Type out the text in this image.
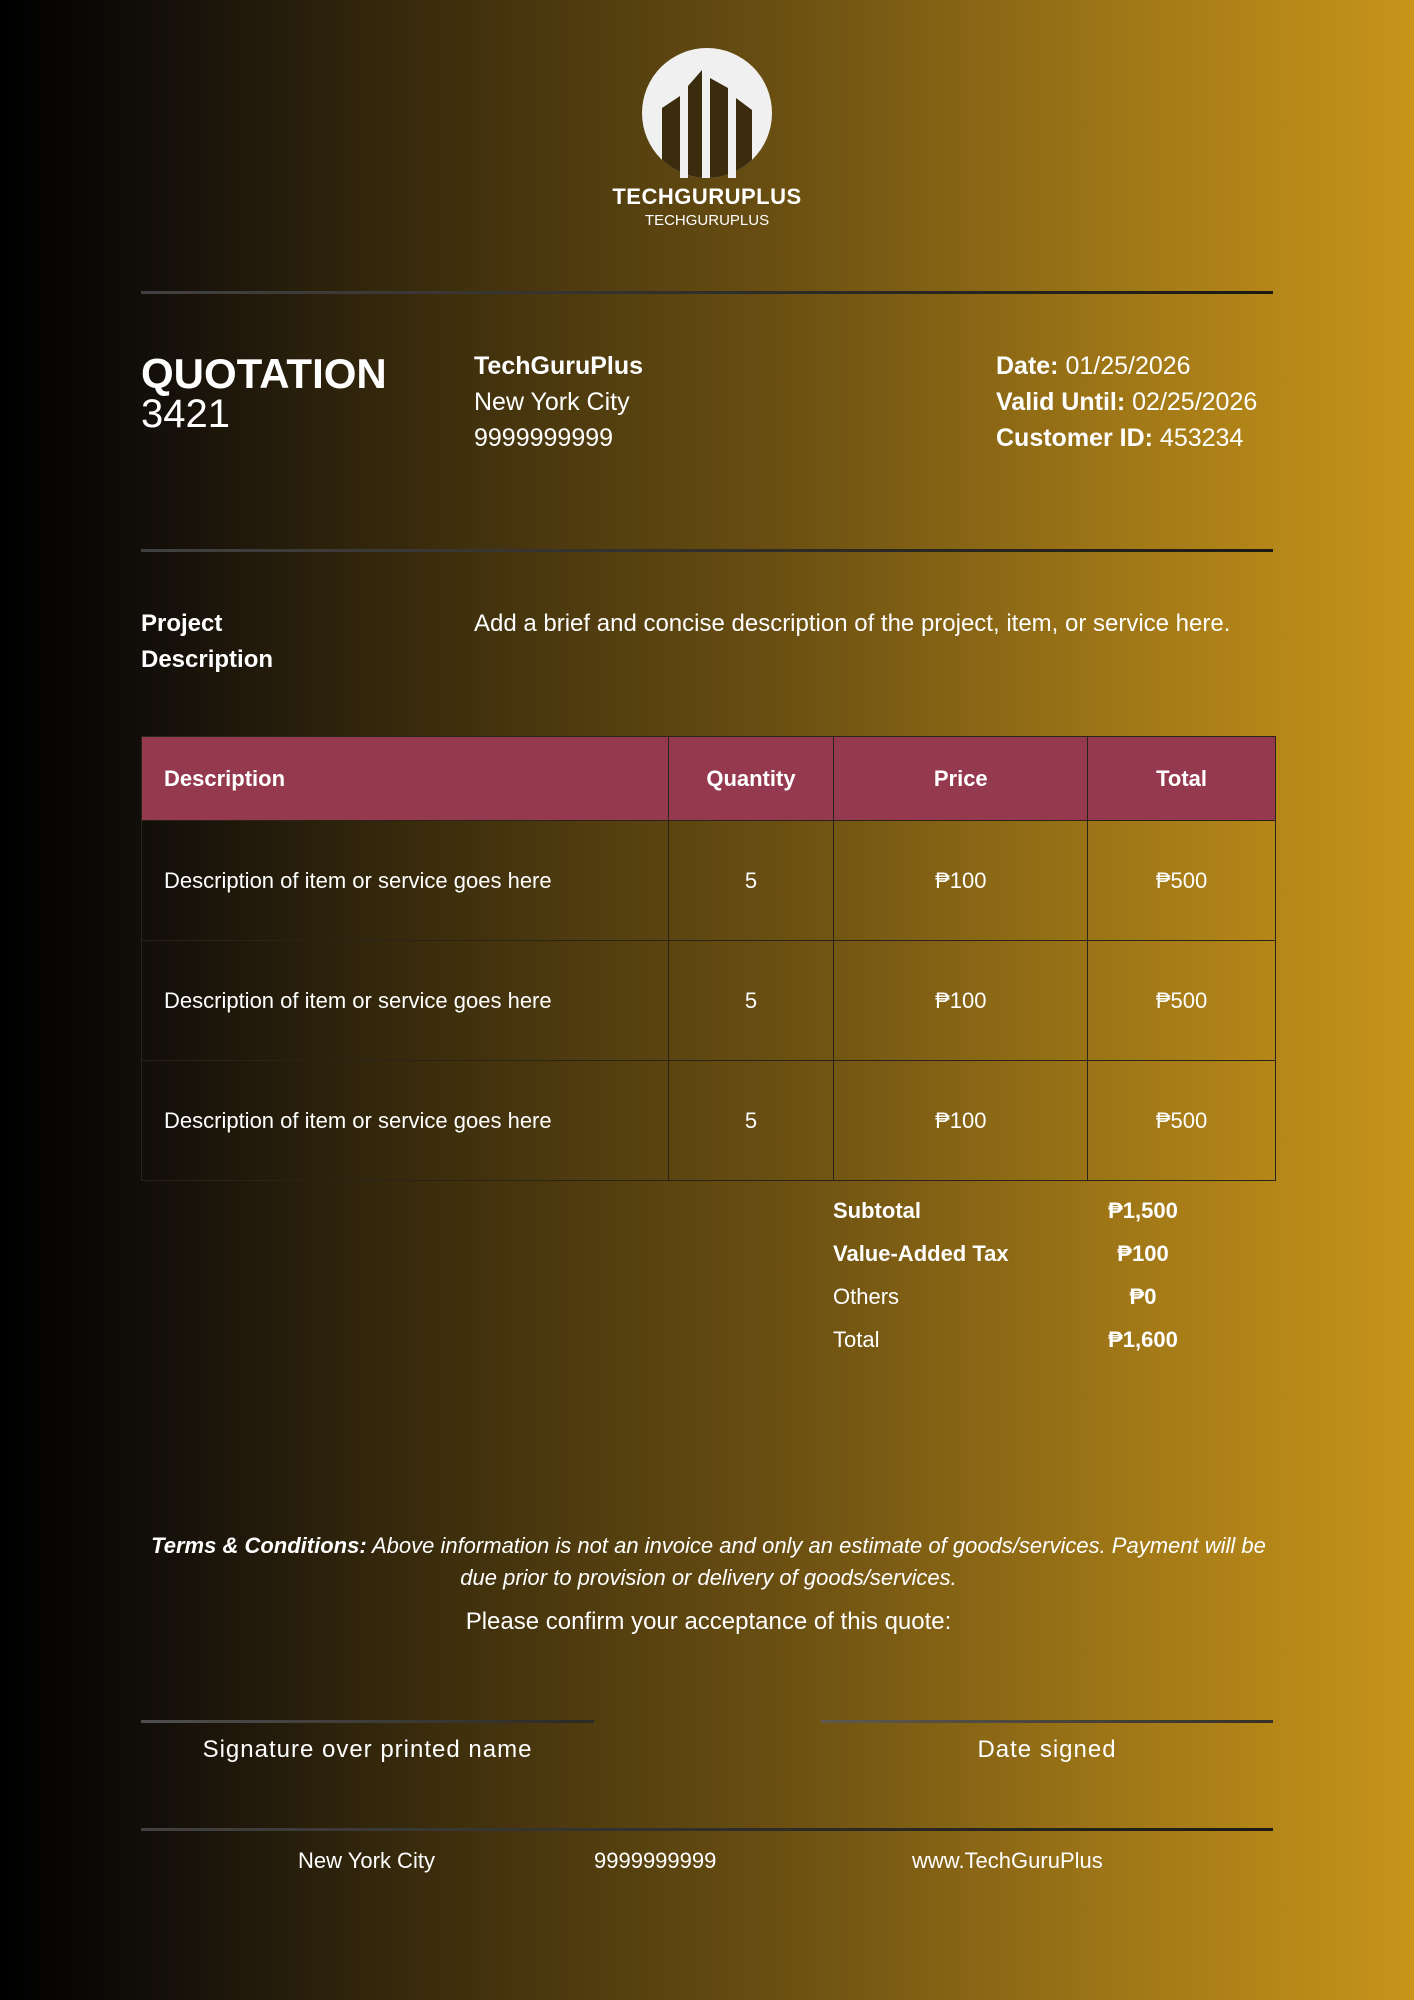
TECHGURUPLUS
TECHGURUPLUS
QUOTATION
3421
TechGuruPlus
New York City
9999999999
Date: 01/25/2026
Valid Until: 02/25/2026
Customer ID: 453234
Project Description
Add a brief and concise description of the project, item, or service here.
Description	Quantity	Price	Total
Description of item or service goes here	5	₱100	₱500
Description of item or service goes here	5	₱100	₱500
Description of item or service goes here	5	₱100	₱500
Subtotal	₱1,500
Value-Added Tax	₱100
Others	₱0
Total	₱1,600
Terms & Conditions: Above information is not an invoice and only an estimate of goods/services. Payment will be due prior to provision or delivery of goods/services.
Please confirm your acceptance of this quote:
Signature over printed name	Date signed
New York City	9999999999	www.TechGuruPlus
